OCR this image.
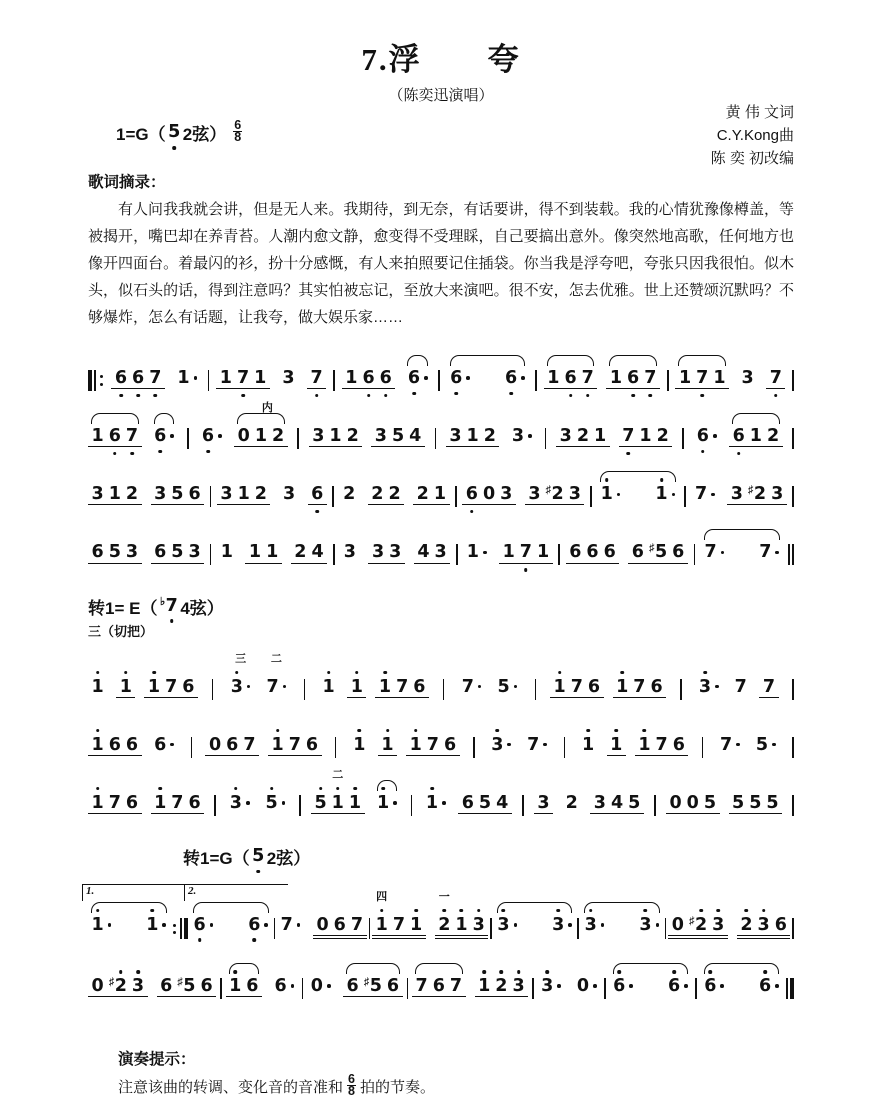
7.浮　　夸
（陈奕迅演唱）
黄 伟 文词
C.Y.Kong曲
陈 奕 初改编
1=G（ 5 2弦） $\frac{6}{8}$
歌词摘录：
有人问我我就会讲，但是无人来。我期待，到无奈，有话要讲，得不到装载。我的心情犹豫像樽盖，等被揭开，嘴巴却在养青苔。人潮内愈文静，愈变得不受理睬，自己要搞出意外。像突然地高歌，任何地方也像开四面台。着最闪的衫，扮十分感慨，有人来拍照要记住插袋。你当我是浮夸吧，夸张只因我很怕。似木头，似石头的话，得到注意吗？其实怕被忘记，至放大来演吧。很不安，怎去优雅。世上还赞颂沉默吗？不够爆炸，怎么有话题，让我夸，做大娱乐家……
6 6 7 1 1 7 1 3 7 1 6 6 6 6 6 1 6 7 1 6 7 1 7 1 3 7
1 6 7 6 6
内
0 1 2 3 1 2 3 5 4 3 1 2 3 3 2 1 7 1 2 6 6 1 2
3 1 2 3 5 6 3 1 2 3 6 2 2 2 2 1 6 0 3 3 ♯ 2 3 1 1 7 3 ♯ 2 3
6 5 3 6 5 3 1 1 1 2 4 3 3 3 4 3 1 1 7 1 6 6 6 6 ♯ 5 6 7 7
转1= E（ ♭ 7 4弦）
三（切把）
1 1 1 7 6
三
3
二
7	1 1 1 7 6 7 5	1 7 6 1 7 6 3 7 7
1 6 6 6 0 6 7 1 7 6 1 1 1 7 6 3 7 1 1 1 7 6 7 5
1 7 6 1 7 6 3 5
二
5 1 1 1 1 6 5 4 3 2 3 4 5 0 0 5 5 5 5
转1=G（ 5 2弦）
1.
1 1
2.
6 6 7 0 6 7
四
1 7 1
一
2 1 3 3 3 3 3 0 ♯ 2 3 2 3 6
0 ♯ 2 3 6 ♯ 5 6 1 6 6 0 6 ♯ 5 6 7 6 7 1 2 3 3 0 6 6 6 6
演奏提示：
注意该曲的转调、变化音的音准和 $\frac{6}{8}$ 拍的节奏。
